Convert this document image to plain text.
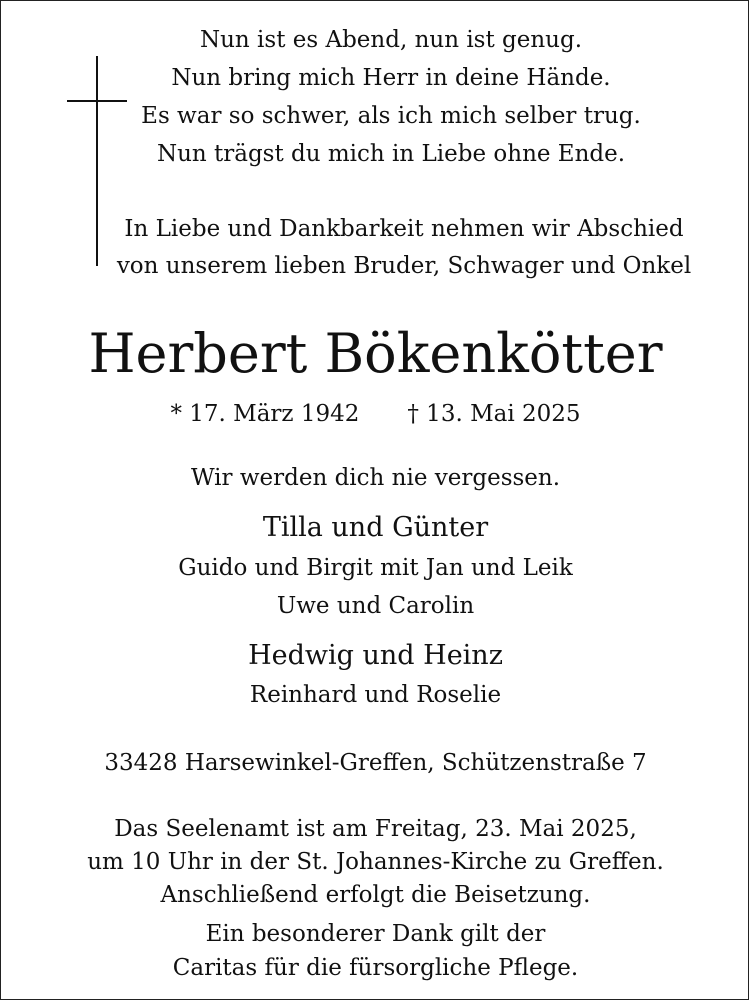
Nun ist es Abend, nun ist genug.
Nun bring mich Herr in deine Hände.
Es war so schwer, als ich mich selber trug.
Nun trägst du mich in Liebe ohne Ende.
In Liebe und Dankbarkeit nehmen wir Abschied
von unserem lieben Bruder, Schwager und Onkel
Herbert Bökenkötter
* 17. März 1942 † 13. Mai 2025
Wir werden dich nie vergessen.
Tilla und Günter
Guido und Birgit mit Jan und Leik
Uwe und Carolin
Hedwig und Heinz
Reinhard und Roselie
33428 Harsewinkel-Greffen, Schützenstraße 7
Das Seelenamt ist am Freitag, 23. Mai 2025,
um 10 Uhr in der St. Johannes-Kirche zu Greffen.
Anschließend erfolgt die Beisetzung.
Ein besonderer Dank gilt der
Caritas für die fürsorgliche Pflege.
